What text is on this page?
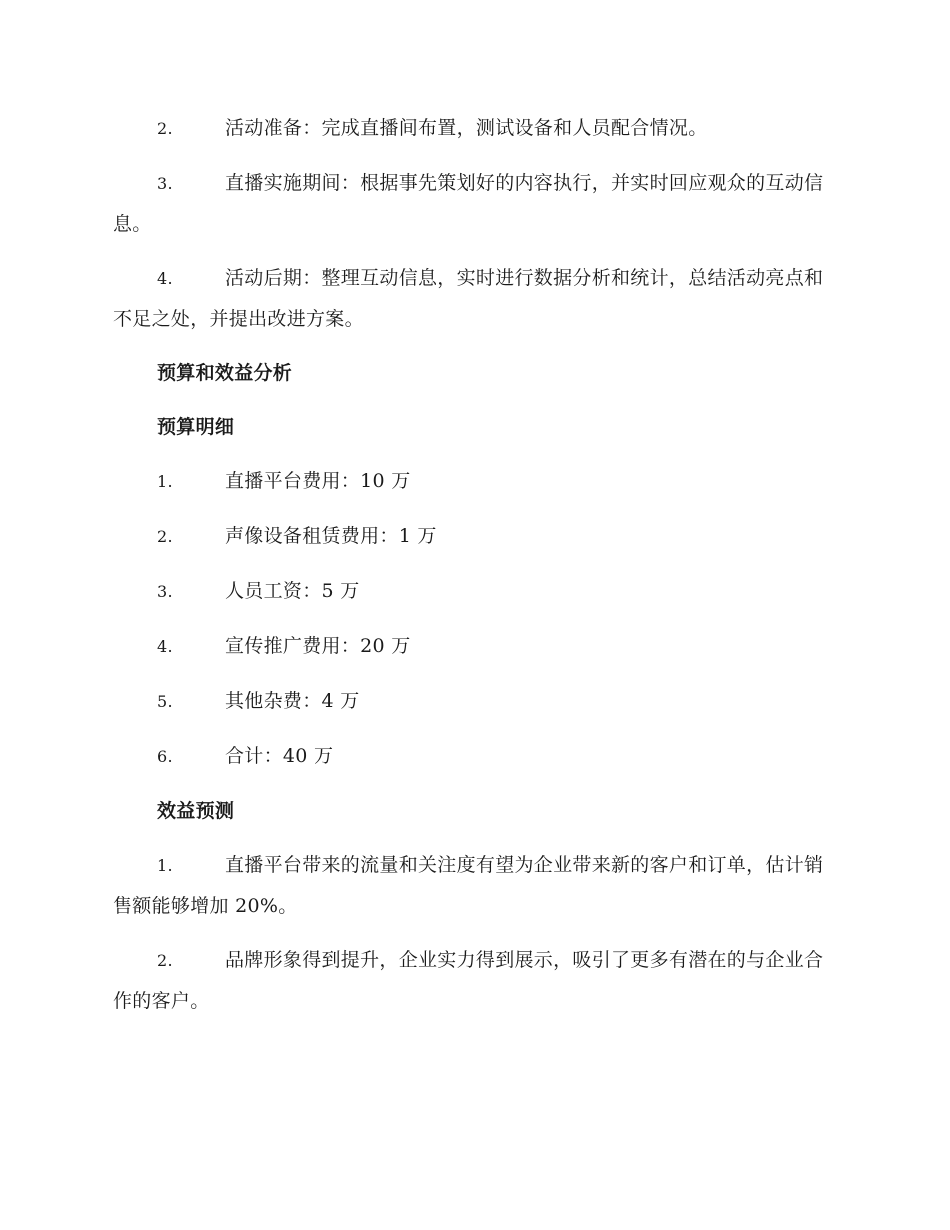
2.	活动准备：完成直播间布置，测试设备和人员配合情况。

3.	直播实施期间：根据事先策划好的内容执行，并实时回应观众的互动信息。

4.	活动后期：整理互动信息，实时进行数据分析和统计，总结活动亮点和不足之处，并提出改进方案。

预算和效益分析

预算明细

1.	直播平台费用：10 万

2.	声像设备租赁费用：1 万

3.	人员工资：5 万

4.	宣传推广费用：20 万

5.	其他杂费：4 万

6.	合计：40 万

效益预测

1.	直播平台带来的流量和关注度有望为企业带来新的客户和订单，估计销售额能够增加 20%。

2.	品牌形象得到提升，企业实力得到展示，吸引了更多有潜在的与企业合作的客户。
